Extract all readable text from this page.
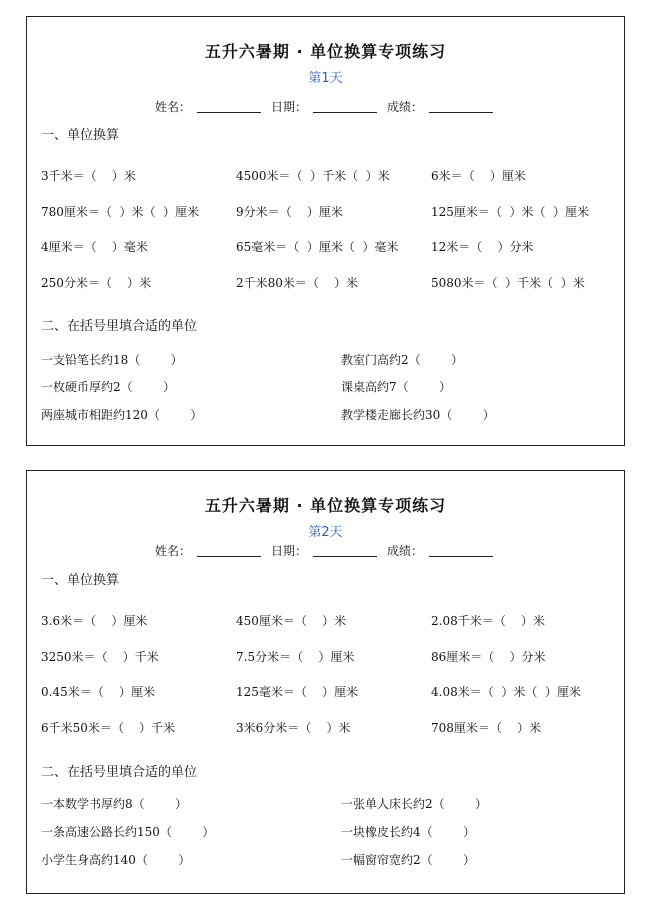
五升六暑期 · 单位换算专项练习
第1天
姓名：	日期：	成绩：
一、单位换算
3千米＝（    ）米	4500米＝（  ）千米（  ）米	6米＝（    ）厘米
780厘米＝（  ）米（  ）厘米	9分米＝（    ）厘米	125厘米＝（  ）米（  ）厘米
4厘米＝（    ）毫米	65毫米＝（  ）厘米（  ）毫米	12米＝（    ）分米
250分米＝（    ）米	2千米80米＝（    ）米	5080米＝（  ）千米（  ）米
二、在括号里填合适的单位
一支铅笔长约18（        ）	教室门高约2（        ）
一枚硬币厚约2（        ）	课桌高约7（        ）
两座城市相距约120（        ）	教学楼走廊长约30（        ）
五升六暑期 · 单位换算专项练习
第2天
姓名：	日期：	成绩：
一、单位换算
3.6米＝（    ）厘米	450厘米＝（    ）米	2.08千米＝（    ）米
3250米＝（    ）千米	7.5分米＝（    ）厘米	86厘米＝（    ）分米
0.45米＝（    ）厘米	125毫米＝（    ）厘米	4.08米＝（  ）米（  ）厘米
6千米50米＝（    ）千米	3米6分米＝（    ）米	708厘米＝（    ）米
二、在括号里填合适的单位
一本数学书厚约8（        ）	一张单人床长约2（        ）
一条高速公路长约150（        ）	一块橡皮长约4（        ）
小学生身高约140（        ）	一幅窗帘宽约2（        ）
